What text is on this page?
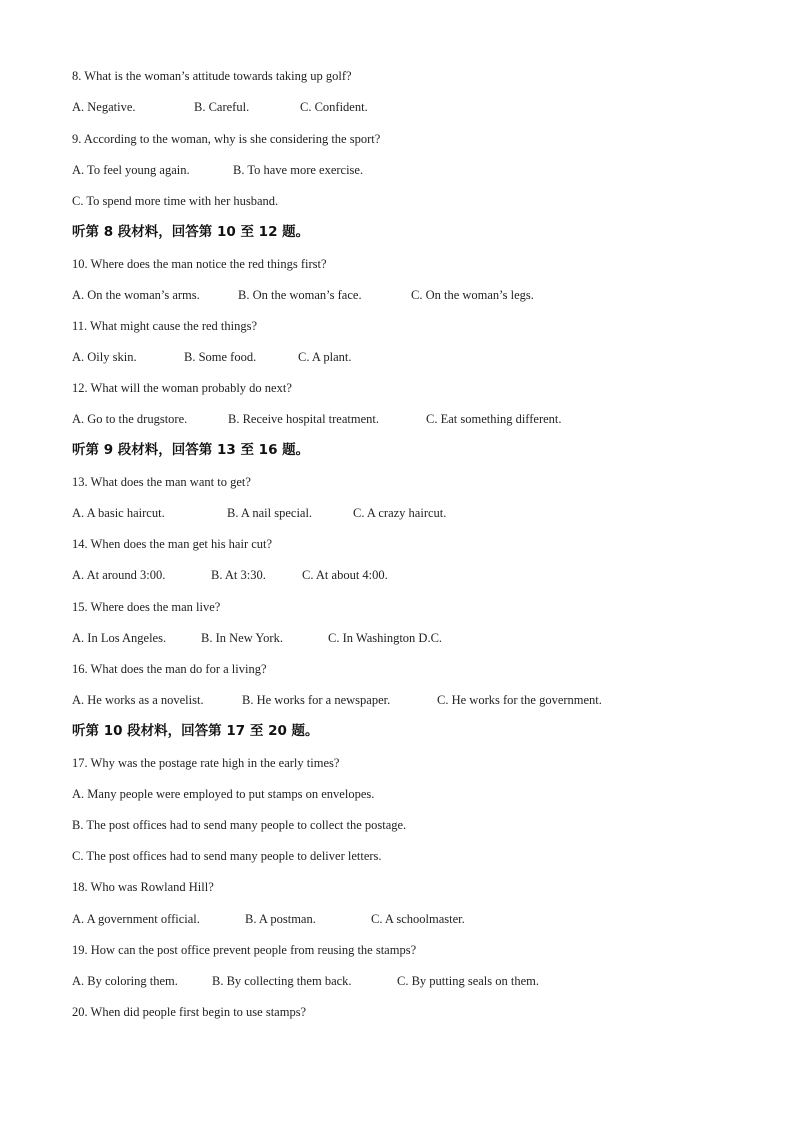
8. What is the woman’s attitude towards taking up golf?
A. Negative.	B. Careful.	C. Confident.
9. According to the woman, why is she considering the sport?
A. To feel young again.	B. To have more exercise.
C. To spend more time with her husband.
听第 8 段材料，回答第 10 至 12 题。
10. Where does the man notice the red things first?
A. On the woman’s arms.	B. On the woman’s face.	C. On the woman’s legs.
11. What might cause the red things?
A. Oily skin.	B. Some food.	C. A plant.
12. What will the woman probably do next?
A. Go to the drugstore.	B. Receive hospital treatment.	C. Eat something different.
听第 9 段材料，回答第 13 至 16 题。
13. What does the man want to get?
A. A basic haircut.	B. A nail special.	C. A crazy haircut.
14. When does the man get his hair cut?
A. At around 3:00.	B. At 3:30.	C. At about 4:00.
15. Where does the man live?
A. In Los Angeles.	B. In New York.	C. In Washington D.C.
16. What does the man do for a living?
A. He works as a novelist.	B. He works for a newspaper.	C. He works for the government.
听第 10 段材料，回答第 17 至 20 题。
17. Why was the postage rate high in the early times?
A. Many people were employed to put stamps on envelopes.
B. The post offices had to send many people to collect the postage.
C. The post offices had to send many people to deliver letters.
18. Who was Rowland Hill?
A. A government official.	B. A postman.	C. A schoolmaster.
19. How can the post office prevent people from reusing the stamps?
A. By coloring them.	B. By collecting them back.	C. By putting seals on them.
20. When did people first begin to use stamps?
